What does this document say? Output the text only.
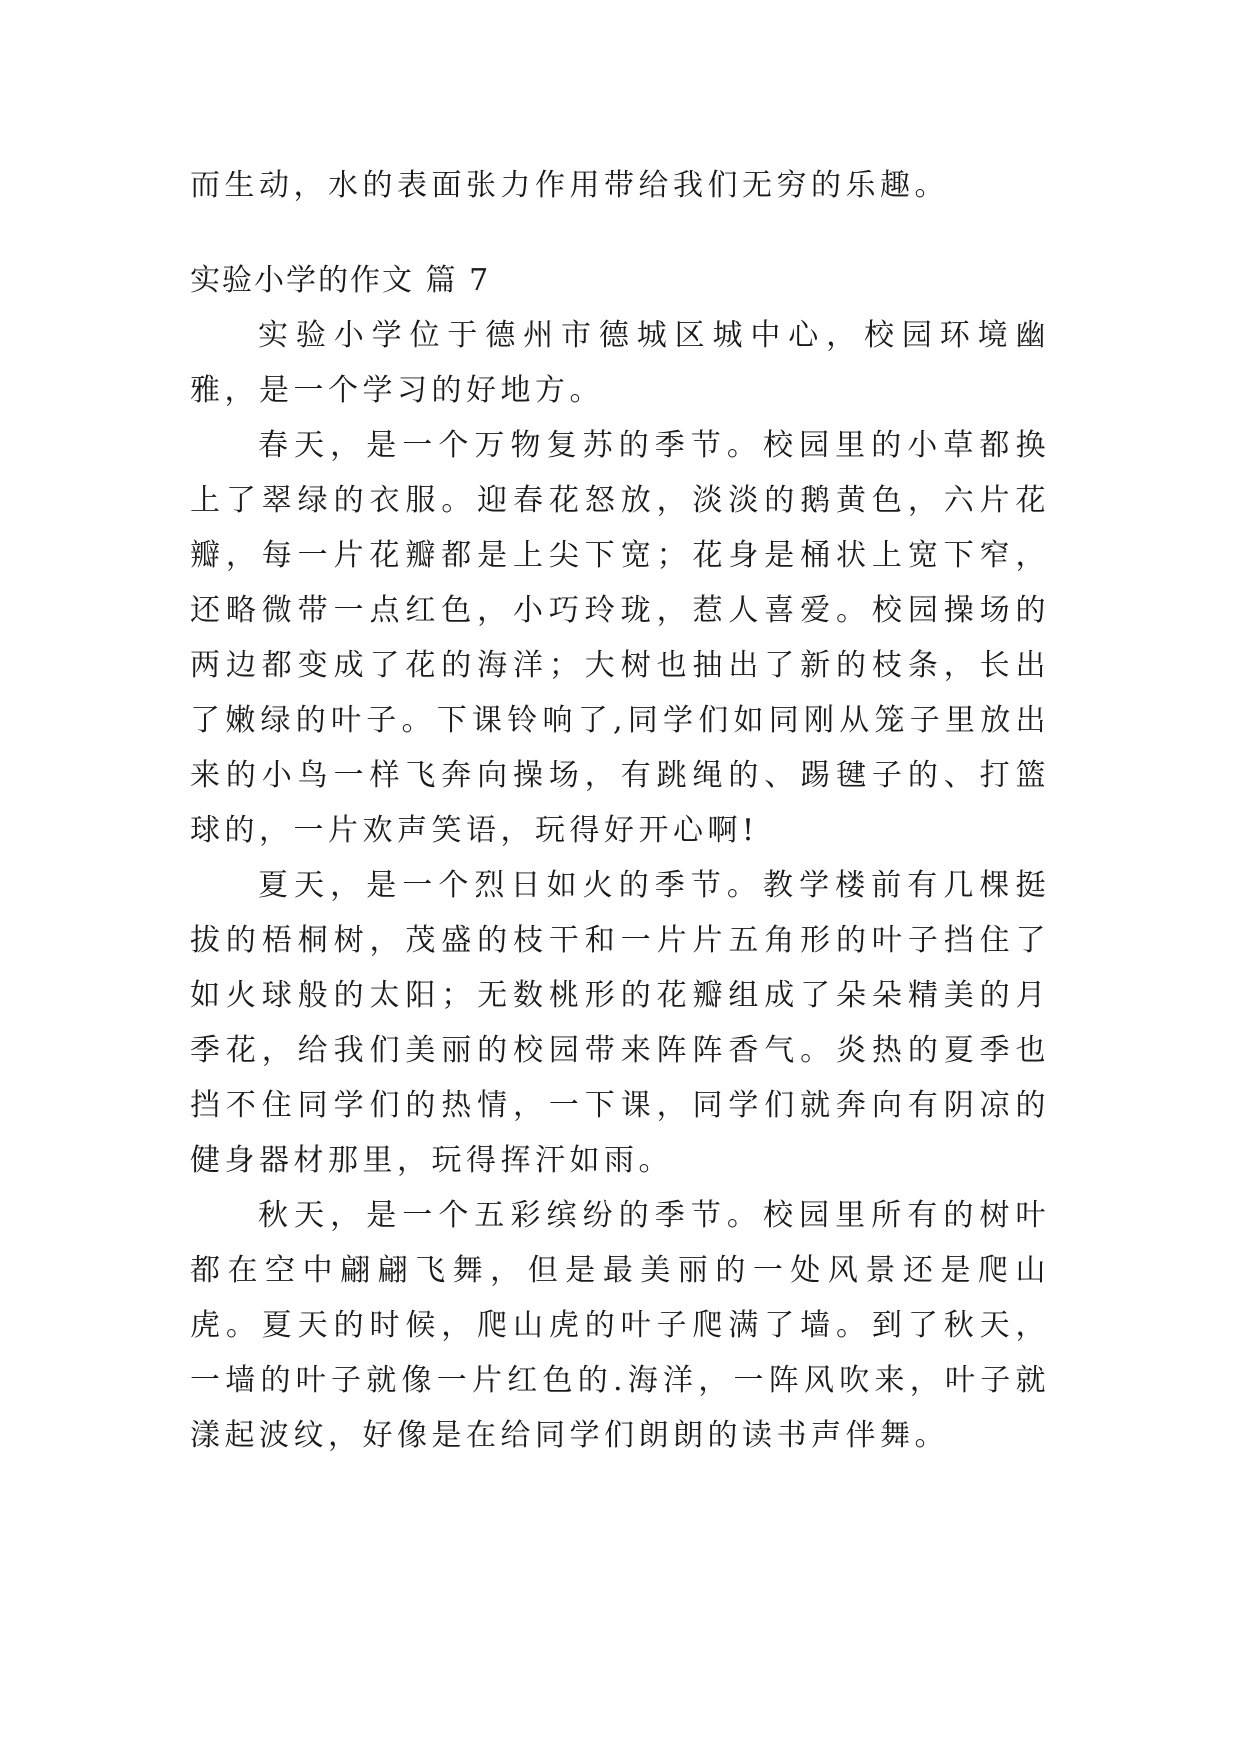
而生动，水的表面张力作用带给我们无穷的乐趣。

实验小学的作文 篇 7

实验小学位于德州市德城区城中心，校园环境幽雅，是一个学习的好地方。

春天，是一个万物复苏的季节。校园里的小草都换上了翠绿的衣服。迎春花怒放，淡淡的鹅黄色，六片花瓣，每一片花瓣都是上尖下宽；花身是桶状上宽下窄，还略微带一点红色，小巧玲珑，惹人喜爱。校园操场的两边都变成了花的海洋；大树也抽出了新的枝条，长出了嫩绿的叶子。下课铃响了,同学们如同刚从笼子里放出来的小鸟一样飞奔向操场，有跳绳的、踢毽子的、打篮球的，一片欢声笑语，玩得好开心啊!

夏天，是一个烈日如火的季节。教学楼前有几棵挺拔的梧桐树，茂盛的枝干和一片片五角形的叶子挡住了如火球般的太阳；无数桃形的花瓣组成了朵朵精美的月季花，给我们美丽的校园带来阵阵香气。炎热的夏季也挡不住同学们的热情，一下课，同学们就奔向有阴凉的健身器材那里，玩得挥汗如雨。

秋天，是一个五彩缤纷的季节。校园里所有的树叶都在空中翩翩飞舞，但是最美丽的一处风景还是爬山虎。夏天的时候，爬山虎的叶子爬满了墙。到了秋天，一墙的叶子就像一片红色的.海洋，一阵风吹来，叶子就漾起波纹，好像是在给同学们朗朗的读书声伴舞。
